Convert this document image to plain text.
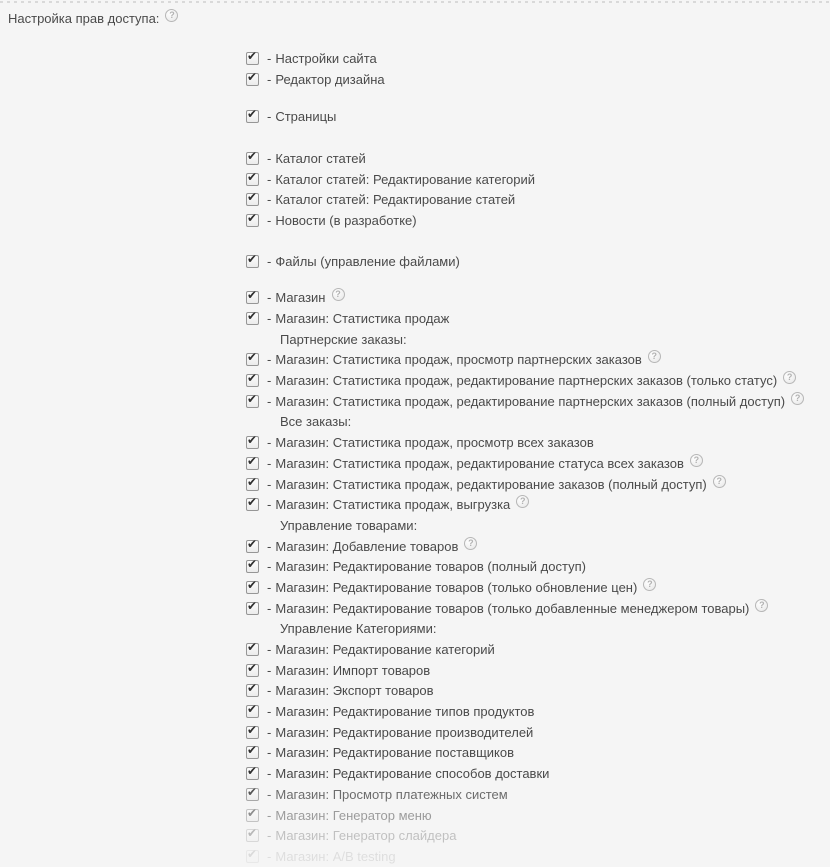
Настройка прав доступа:	?
✔
- Настройки сайта
✔
- Редактор дизайна
✔
- Страницы
✔
- Каталог статей
✔
- Каталог статей: Редактирование категорий
✔
- Каталог статей: Редактирование статей
✔
- Новости (в разработке)
✔
- Файлы (управление файлами)
✔
- Магазин	?
✔
- Магазин: Статистика продаж
Партнерские заказы:
✔
- Магазин: Статистика продаж, просмотр партнерских заказов	?
✔
- Магазин: Статистика продаж, редактирование партнерских заказов (только статус)	?
✔
- Магазин: Статистика продаж, редактирование партнерских заказов (полный доступ)	?
Все заказы:
✔
- Магазин: Статистика продаж, просмотр всех заказов
✔
- Магазин: Статистика продаж, редактирование статуса всех заказов	?
✔
- Магазин: Статистика продаж, редактирование заказов (полный доступ)	?
✔
- Магазин: Статистика продаж, выгрузка	?
Управление товарами:
✔
- Магазин: Добавление товаров	?
✔
- Магазин: Редактирование товаров (полный доступ)
✔
- Магазин: Редактирование товаров (только обновление цен)	?
✔
- Магазин: Редактирование товаров (только добавленные менеджером товары)	?
Управление Категориями:
✔
- Магазин: Редактирование категорий
✔
- Магазин: Импорт товаров
✔
- Магазин: Экспорт товаров
✔
- Магазин: Редактирование типов продуктов
✔
- Магазин: Редактирование производителей
✔
- Магазин: Редактирование поставщиков
✔
- Магазин: Редактирование способов доставки
✔
- Магазин: Просмотр платежных систем
✔
- Магазин: Генератор меню
✔
- Магазин: Генератор слайдера
✔
- Магазин: A/B testing
